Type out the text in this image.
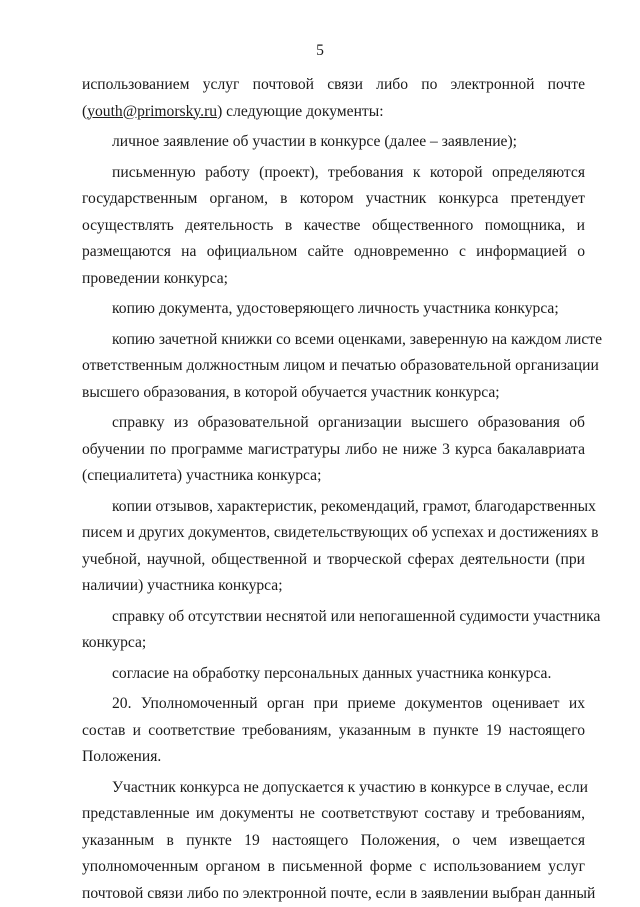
5
использованием услуг почтовой связи либо по электронной почте
(youth@primorsky.ru) следующие документы:
личное заявление об участии в конкурсе (далее – заявление);
письменную работу (проект), требования к которой определяются
государственным органом, в котором участник конкурса претендует
осуществлять деятельность в качестве общественного помощника, и
размещаются на официальном сайте одновременно с информацией о
проведении конкурса;
копию документа, удостоверяющего личность участника конкурса;
копию зачетной книжки со всеми оценками, заверенную на каждом листе
ответственным должностным лицом и печатью образовательной организации
высшего образования, в которой обучается участник конкурса;
справку из образовательной организации высшего образования об
обучении по программе магистратуры либо не ниже 3 курса бакалавриата
(специалитета) участника конкурса;
копии отзывов, характеристик, рекомендаций, грамот, благодарственных
писем и других документов, свидетельствующих об успехах и достижениях в
учебной, научной, общественной и творческой сферах деятельности (при
наличии) участника конкурса;
справку об отсутствии неснятой или непогашенной судимости участника
конкурса;
согласие на обработку персональных данных участника конкурса.
20. Уполномоченный орган при приеме документов оценивает их
состав и соответствие требованиям, указанным в пункте 19 настоящего
Положения.
Участник конкурса не допускается к участию в конкурсе в случае, если
представленные им документы не соответствуют составу и требованиям,
указанным в пункте 19 настоящего Положения, о чем извещается
уполномоченным органом в письменной форме с использованием услуг
почтовой связи либо по электронной почте, если в заявлении выбран данный
